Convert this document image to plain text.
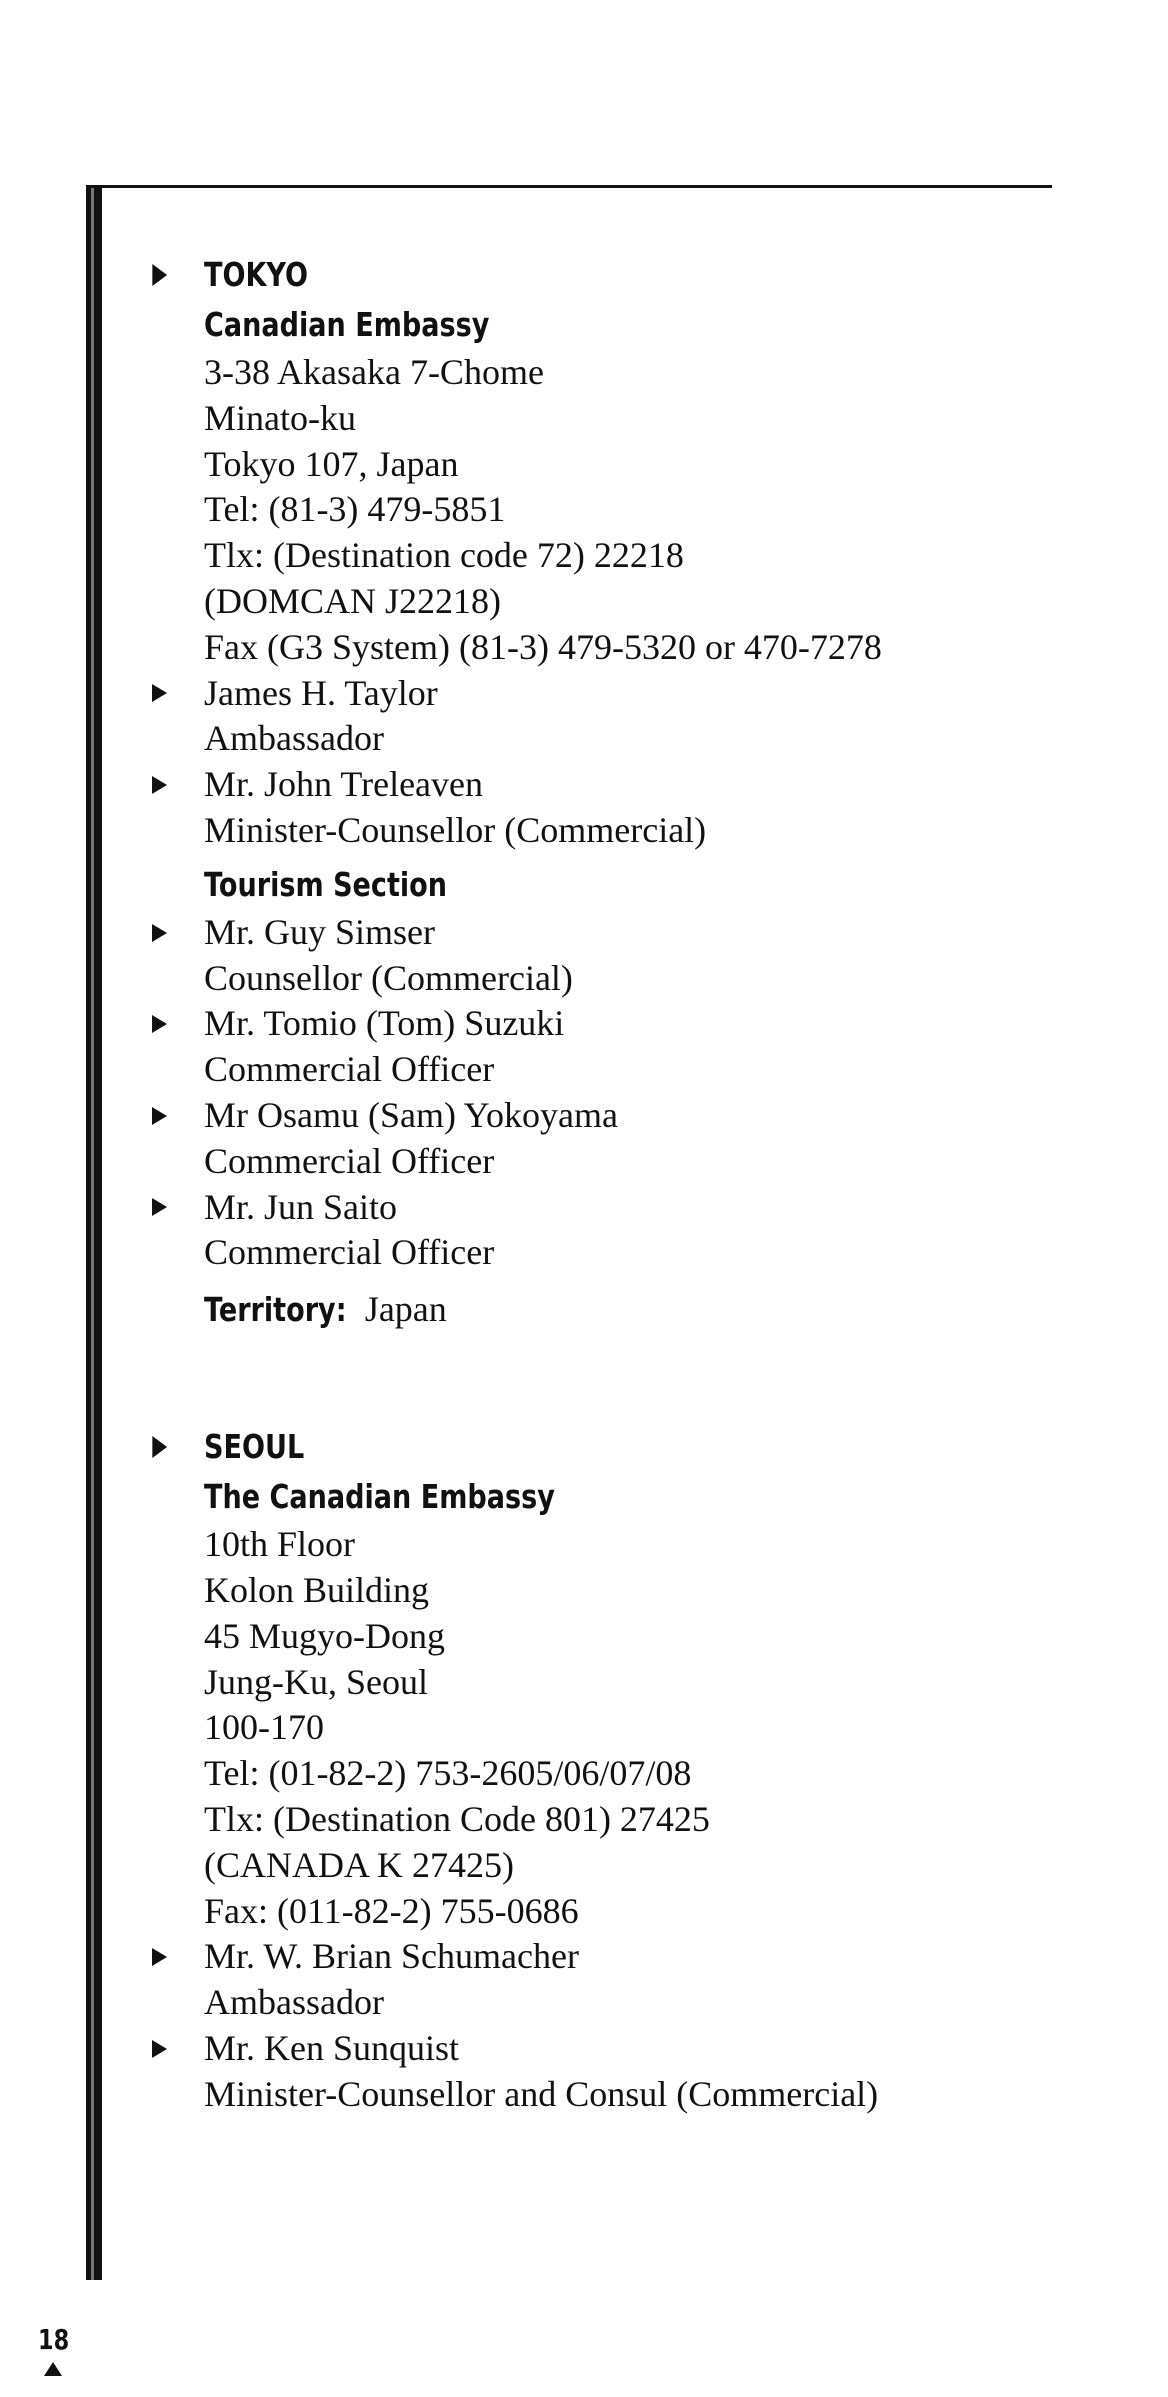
TOKYO
Canadian Embassy
3-38 Akasaka 7-Chome
Minato-ku
Tokyo 107, Japan
Tel: (81-3) 479-5851
Tlx: (Destination code 72) 22218
(DOMCAN J22218)
Fax (G3 System) (81-3) 479-5320 or 470-7278
James H. Taylor
Ambassador
Mr. John Treleaven
Minister-Counsellor (Commercial)
Tourism Section
Mr. Guy Simser
Counsellor (Commercial)
Mr. Tomio (Tom) Suzuki
Commercial Officer
Mr Osamu (Sam) Yokoyama
Commercial Officer
Mr. Jun Saito
Commercial Officer
Territory: Japan
SEOUL
The Canadian Embassy
10th Floor
Kolon Building
45 Mugyo-Dong
Jung-Ku, Seoul
100-170
Tel: (01-82-2) 753-2605/06/07/08
Tlx: (Destination Code 801) 27425
(CANADA K 27425)
Fax: (011-82-2) 755-0686
Mr. W. Brian Schumacher
Ambassador
Mr. Ken Sunquist
Minister-Counsellor and Consul (Commercial)
18
